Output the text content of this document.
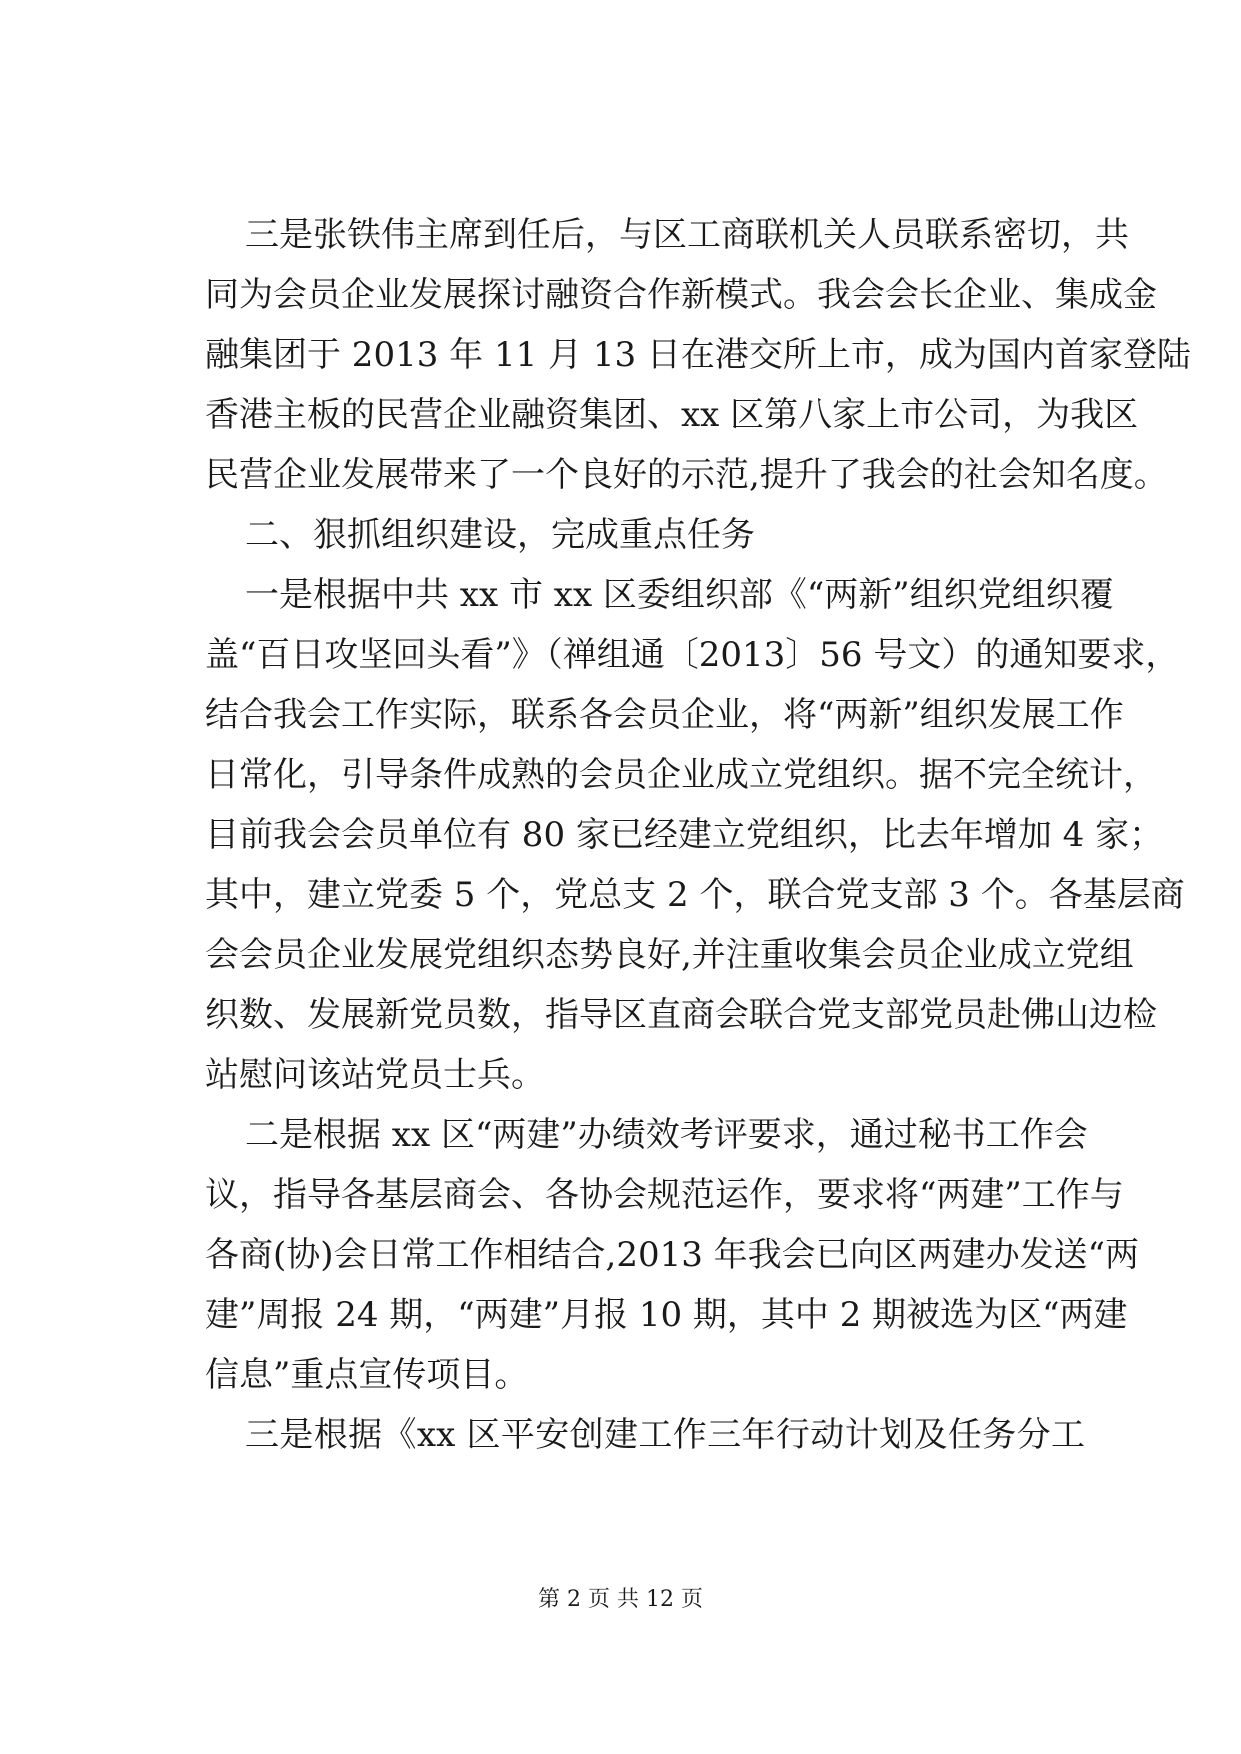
三是张铁伟主席到任后，与区工商联机关人员联系密切，共
同为会员企业发展探讨融资合作新模式。我会会长企业、集成金
融集团于 2013 年 11 月 13 日在港交所上市，成为国内首家登陆
香港主板的民营企业融资集团、xx 区第八家上市公司，为我区
民营企业发展带来了一个良好的示范,提升了我会的社会知名度。
二、狠抓组织建设，完成重点任务
一是根据中共 xx 市 xx 区委组织部《“两新”组织党组织覆
盖“百日攻坚回头看”》（禅组通〔2013〕56 号文）的通知要求，
结合我会工作实际，联系各会员企业，将“两新”组织发展工作
日常化，引导条件成熟的会员企业成立党组织。据不完全统计，
目前我会会员单位有 80 家已经建立党组织，比去年增加 4 家；
其中，建立党委 5 个，党总支 2 个，联合党支部 3 个。各基层商
会会员企业发展党组织态势良好,并注重收集会员企业成立党组
织数、发展新党员数，指导区直商会联合党支部党员赴佛山边检
站慰问该站党员士兵。
二是根据 xx 区“两建”办绩效考评要求，通过秘书工作会
议，指导各基层商会、各协会规范运作，要求将“两建”工作与
各商(协)会日常工作相结合,2013 年我会已向区两建办发送“两
建”周报 24 期，“两建”月报 10 期，其中 2 期被选为区“两建
信息”重点宣传项目。
三是根据《xx 区平安创建工作三年行动计划及任务分工
第 2 页 共 12 页
